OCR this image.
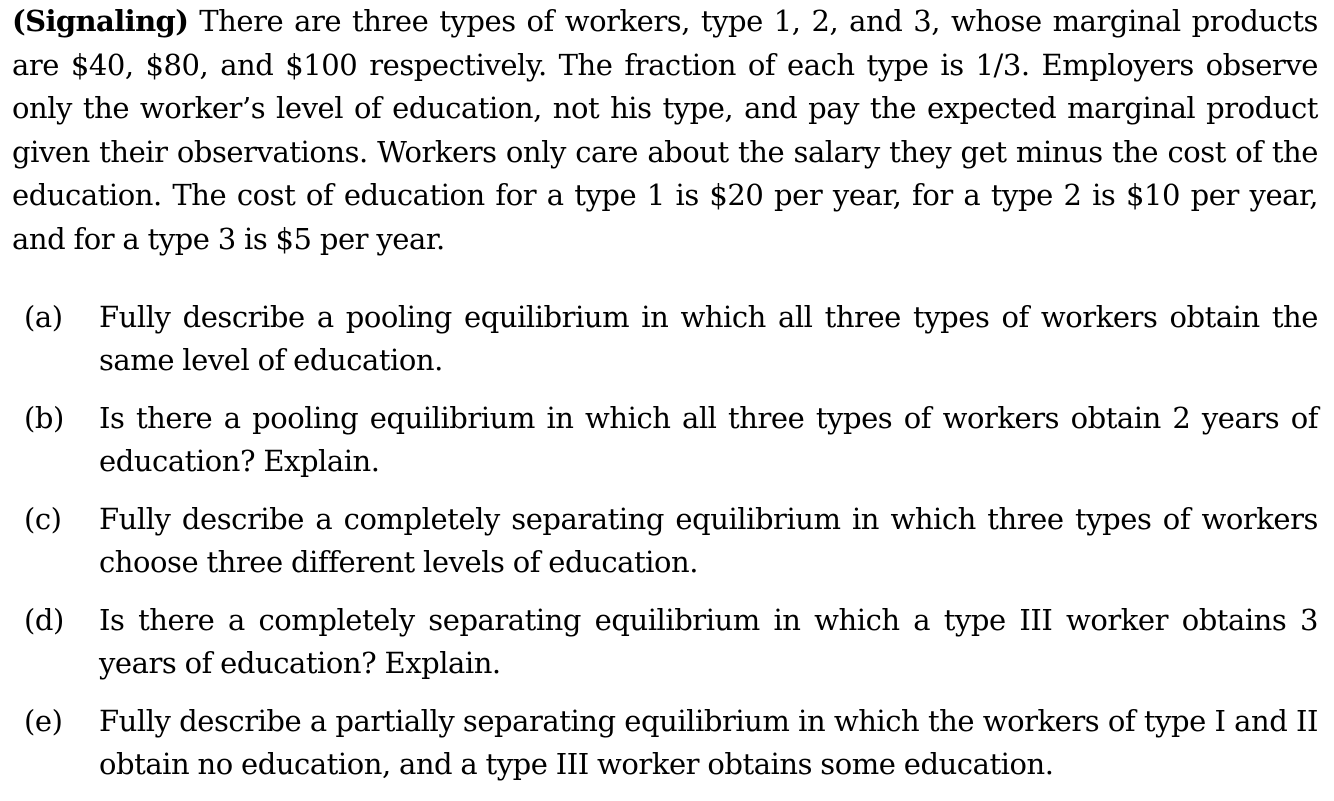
(Signaling) There are three types of workers, type 1, 2, and 3, whose marginal products are $40, $80, and $100 respectively. The fraction of each type is 1/3. Employers observe only the worker’s level of education, not his type, and pay the expected marginal product given their observations. Workers only care about the salary they get minus the cost of the education. The cost of education for a type 1 is $20 per year, for a type 2 is $10 per year, and for a type 3 is $5 per year.

(a)	Fully describe a pooling equilibrium in which all three types of workers obtain the same level of education.
(b)	Is there a pooling equilibrium in which all three types of workers obtain 2 years of education? Explain.
(c)	Fully describe a completely separating equilibrium in which three types of workers choose three different levels of education.
(d)	Is there a completely separating equilibrium in which a type III worker obtains 3 years of education? Explain.
(e)	Fully describe a partially separating equilibrium in which the workers of type I and II obtain no education, and a type III worker obtains some education.
